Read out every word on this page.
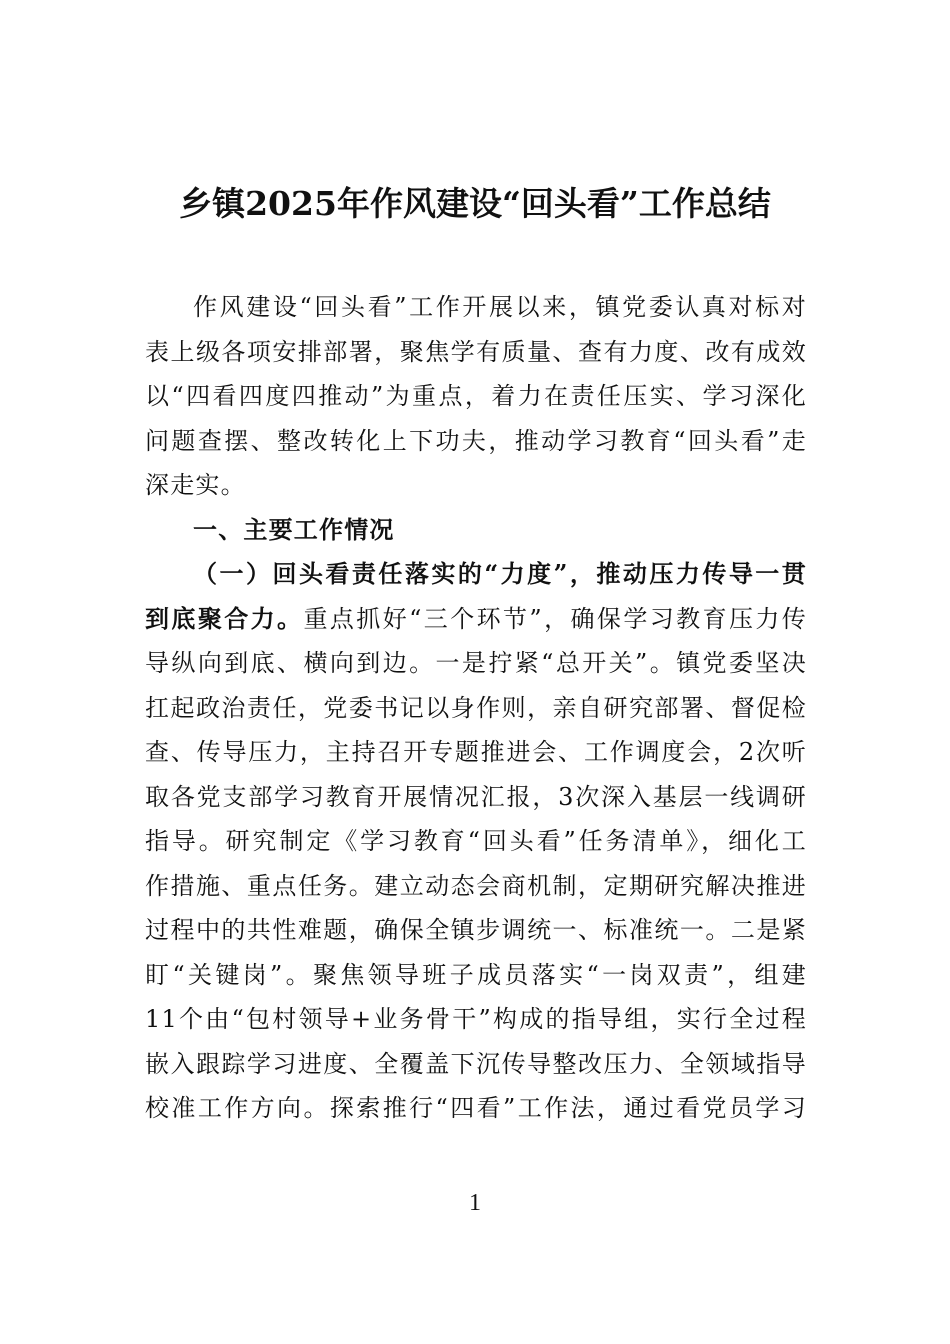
乡镇2025年作风建设“回头看”工作总结
作风建设“回头看”工作开展以来，镇党委认真对标对
表上级各项安排部署，聚焦学有质量、查有力度、改有成效
以“四看四度四推动”为重点，着力在责任压实、学习深化
问题查摆、整改转化上下功夫，推动学习教育“回头看”走
深走实。
一、主要工作情况
（一）回头看责任落实的“力度”，推动压力传导一贯
到底聚合力。重点抓好“三个环节”，确保学习教育压力传
导纵向到底、横向到边。一是拧紧“总开关”。镇党委坚决
扛起政治责任，党委书记以身作则，亲自研究部署、督促检
查、传导压力，主持召开专题推进会、工作调度会，2次听
取各党支部学习教育开展情况汇报，3次深入基层一线调研
指导。研究制定《学习教育“回头看”任务清单》，细化工
作措施、重点任务。建立动态会商机制，定期研究解决推进
过程中的共性难题，确保全镇步调统一、标准统一。二是紧
盯“关键岗”。聚焦领导班子成员落实“一岗双责”，组建
11个由“包村领导+业务骨干”构成的指导组，实行全过程
嵌入跟踪学习进度、全覆盖下沉传导整改压力、全领域指导
校准工作方向。探索推行“四看”工作法，通过看党员学习
1
